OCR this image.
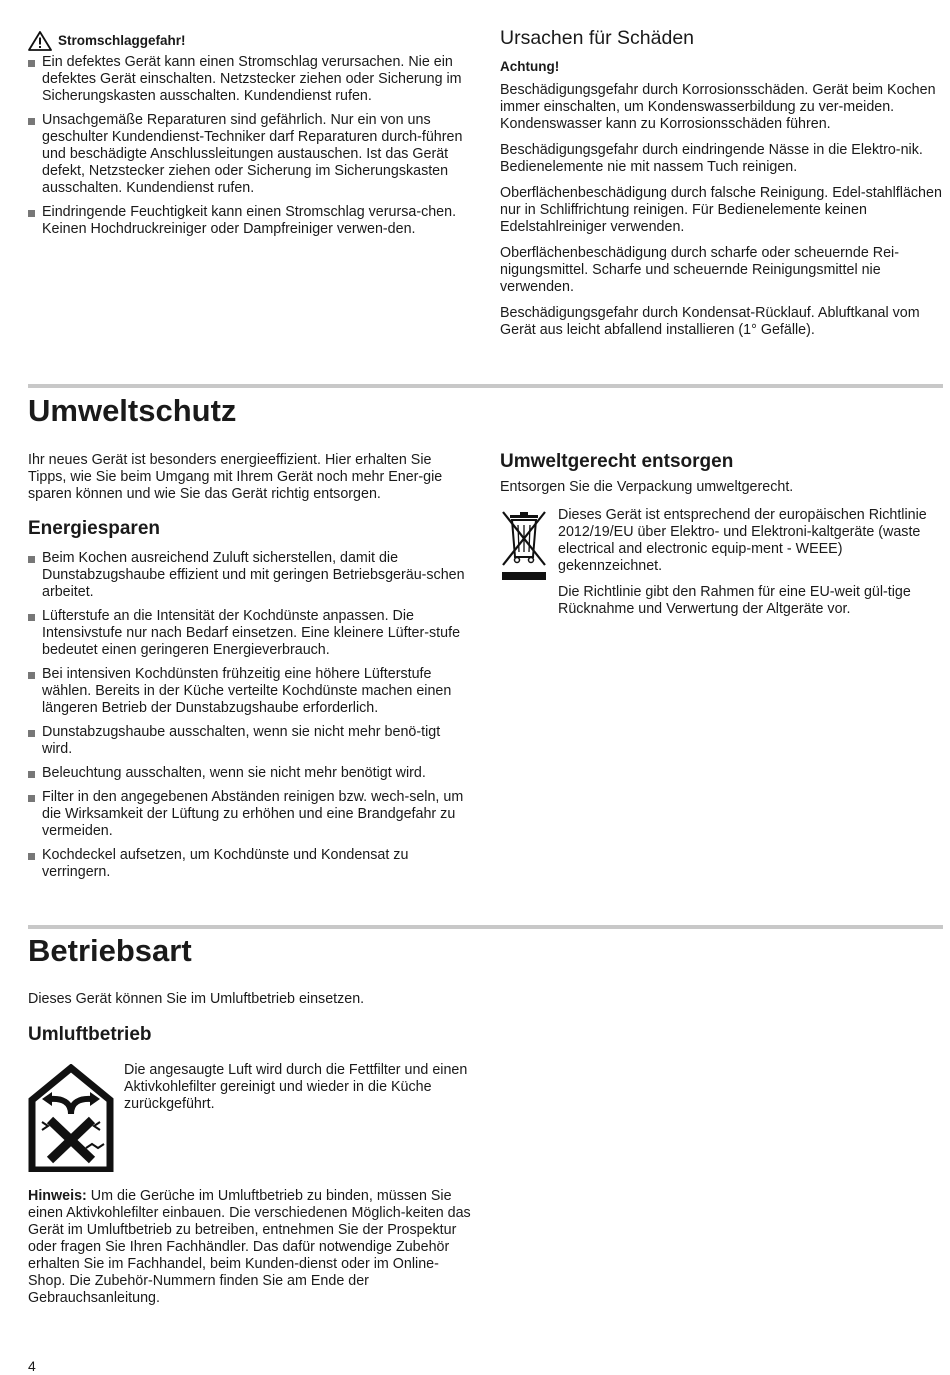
Stromschlaggefahr!
Ein defektes Gerät kann einen Stromschlag verursachen. Nie ein defektes Gerät einschalten. Netzstecker ziehen oder Sicherung im Sicherungskasten ausschalten. Kundendienst rufen.
Unsachgemäße Reparaturen sind gefährlich. Nur ein von uns geschulter Kundendienst-Techniker darf Reparaturen durch-führen und beschädigte Anschlussleitungen austauschen. Ist das Gerät defekt, Netzstecker ziehen oder Sicherung im Sicherungskasten ausschalten. Kundendienst rufen.
Eindringende Feuchtigkeit kann einen Stromschlag verursa-chen. Keinen Hochdruckreiniger oder Dampfreiniger verwen-den.
Ursachen für Schäden

Achtung!

Beschädigungsgefahr durch Korrosionsschäden. Gerät beim Kochen immer einschalten, um Kondenswasserbildung zu ver-meiden. Kondenswasser kann zu Korrosionsschäden führen.

Beschädigungsgefahr durch eindringende Nässe in die Elektro-nik. Bedienelemente nie mit nassem Tuch reinigen.

Oberflächenbeschädigung durch falsche Reinigung. Edel-stahlflächen nur in Schliffrichtung reinigen. Für Bedienelemente keinen Edelstahlreiniger verwenden.

Oberflächenbeschädigung durch scharfe oder scheuernde Rei-nigungsmittel. Scharfe und scheuernde Reinigungsmittel nie verwenden.

Beschädigungsgefahr durch Kondensat-Rücklauf. Abluftkanal vom Gerät aus leicht abfallend installieren (1° Gefälle).

Umweltschutz

Ihr neues Gerät ist besonders energieeffizient. Hier erhalten Sie Tipps, wie Sie beim Umgang mit Ihrem Gerät noch mehr Ener-gie sparen können und wie Sie das Gerät richtig entsorgen.

Energiesparen
Beim Kochen ausreichend Zuluft sicherstellen, damit die Dunstabzugshaube effizient und mit geringen Betriebsgeräu-schen arbeitet.
Lüfterstufe an die Intensität der Kochdünste anpassen. Die Intensivstufe nur nach Bedarf einsetzen. Eine kleinere Lüfter-stufe bedeutet einen geringeren Energieverbrauch.
Bei intensiven Kochdünsten frühzeitig eine höhere Lüfterstufe wählen. Bereits in der Küche verteilte Kochdünste machen einen längeren Betrieb der Dunstabzugshaube erforderlich.
Dunstabzugshaube ausschalten, wenn sie nicht mehr benö-tigt wird.
Beleuchtung ausschalten, wenn sie nicht mehr benötigt wird.
Filter in den angegebenen Abständen reinigen bzw. wech-seln, um die Wirksamkeit der Lüftung zu erhöhen und eine Brandgefahr zu vermeiden.
Kochdeckel aufsetzen, um Kochdünste und Kondensat zu verringern.
Umweltgerecht entsorgen

Entsorgen Sie die Verpackung umweltgerecht.

Dieses Gerät ist entsprechend der europäischen Richtlinie 2012/19/EU über Elektro- und Elektroni-kaltgeräte (waste electrical and electronic equip-ment - WEEE) gekennzeichnet.

Die Richtlinie gibt den Rahmen für eine EU-weit gül-tige Rücknahme und Verwertung der Altgeräte vor.

Betriebsart

Dieses Gerät können Sie im Umluftbetrieb einsetzen.

Umluftbetrieb

Die angesaugte Luft wird durch die Fettfilter und einen Aktivkohlefilter gereinigt und wieder in die Küche zurückgeführt.

Hinweis: Um die Gerüche im Umluftbetrieb zu binden, müssen Sie einen Aktivkohlefilter einbauen. Die verschiedenen Möglich-keiten das Gerät im Umluftbetrieb zu betreiben, entnehmen Sie der Prospektur oder fragen Sie Ihren Fachhändler. Das dafür notwendige Zubehör erhalten Sie im Fachhandel, beim Kunden-dienst oder im Online-Shop. Die Zubehör-Nummern finden Sie am Ende der Gebrauchsanleitung.

4
